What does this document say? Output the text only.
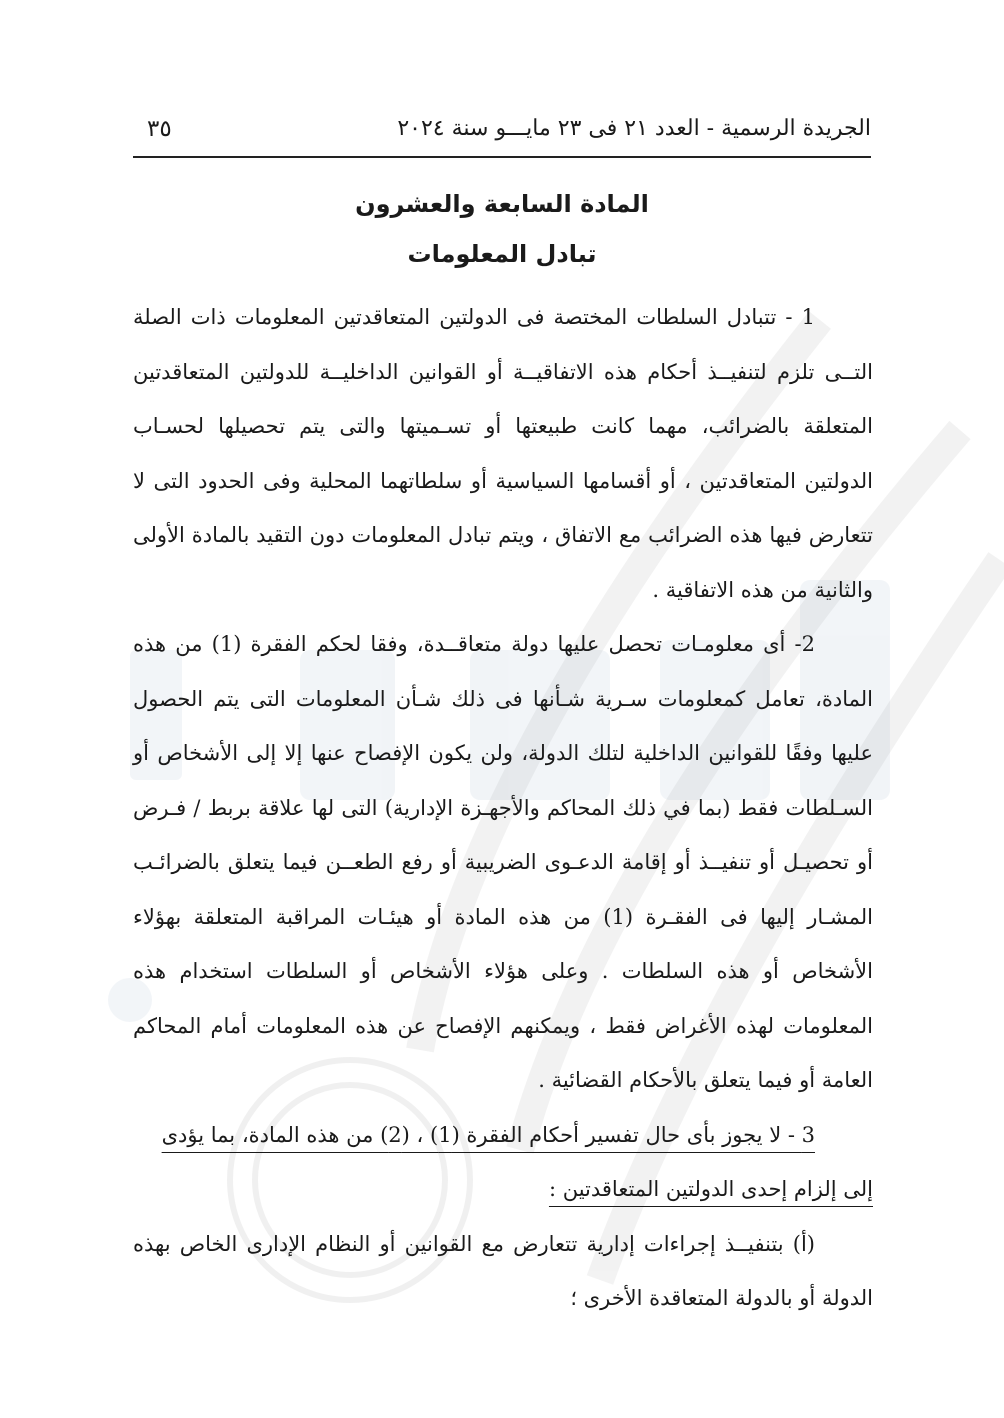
الجريدة الرسمية - العدد ٢١ فى ٢٣ مايـــو سنة ٢٠٢٤
٣٥
المادة السابعة والعشرون
تبادل المعلومات

1 - تتبادل السلطات المختصة فى الدولتين المتعاقدتين المعلومات ذات الصلة التــى تلزم لتنفيــذ أحكام هذه الاتفاقيــة أو القوانين الداخليــة للدولتين المتعاقدتين المتعلقة بالضرائب، مهما كانت طبيعتها أو تسـميتها والتى يتم تحصيلها لحسـاب الدولتين المتعاقدتين ، أو أقسامها السياسية أو سلطاتهما المحلية وفى الحدود التى لا تتعارض فيها هذه الضرائب مع الاتفاق ، ويتم تبادل المعلومات دون التقيد بالمادة الأولى والثانية من هذه الاتفاقية .

2- أى معلومـات تحصل عليها دولة متعاقــدة، وفقا لحكم الفقرة (1) من هذه المادة، تعامل كمعلومات سـرية شـأنها فى ذلك شـأن المعلومات التى يتم الحصول عليها وفقًا للقوانين الداخلية لتلك الدولة، ولن يكون الإفصاح عنها إلا إلى الأشخاص أو السـلطات فقط (بما في ذلك المحاكم والأجهـزة الإدارية) التى لها علاقة بربط / فـرض أو تحصيـل أو تنفيــذ أو إقامة الدعـوى الضريبية أو رفع الطعــن فيما يتعلق بالضرائـب المشـار إليها فى الفقـرة (1) من هذه المادة أو هيئـات المراقبة المتعلقة بهؤلاء الأشخاص أو هذه السلطات . وعلى هؤلاء الأشخاص أو السلطات استخدام هذه المعلومات لهذه الأغراض فقط ، ويمكنهم الإفصاح عن هذه المعلومات أمام المحاكم العامة أو فيما يتعلق بالأحكام القضائية .

3 - لا يجوز بأى حال تفسير أحكام الفقرة (1) ، (2) من هذه المادة، بما يؤدى

إلى إلزام إحدى الدولتين المتعاقدتين :

(أ) بتنفيــذ إجراءات إدارية تتعارض مع القوانين أو النظام الإدارى الخاص بهذه الدولة أو بالدولة المتعاقدة الأخرى ؛
